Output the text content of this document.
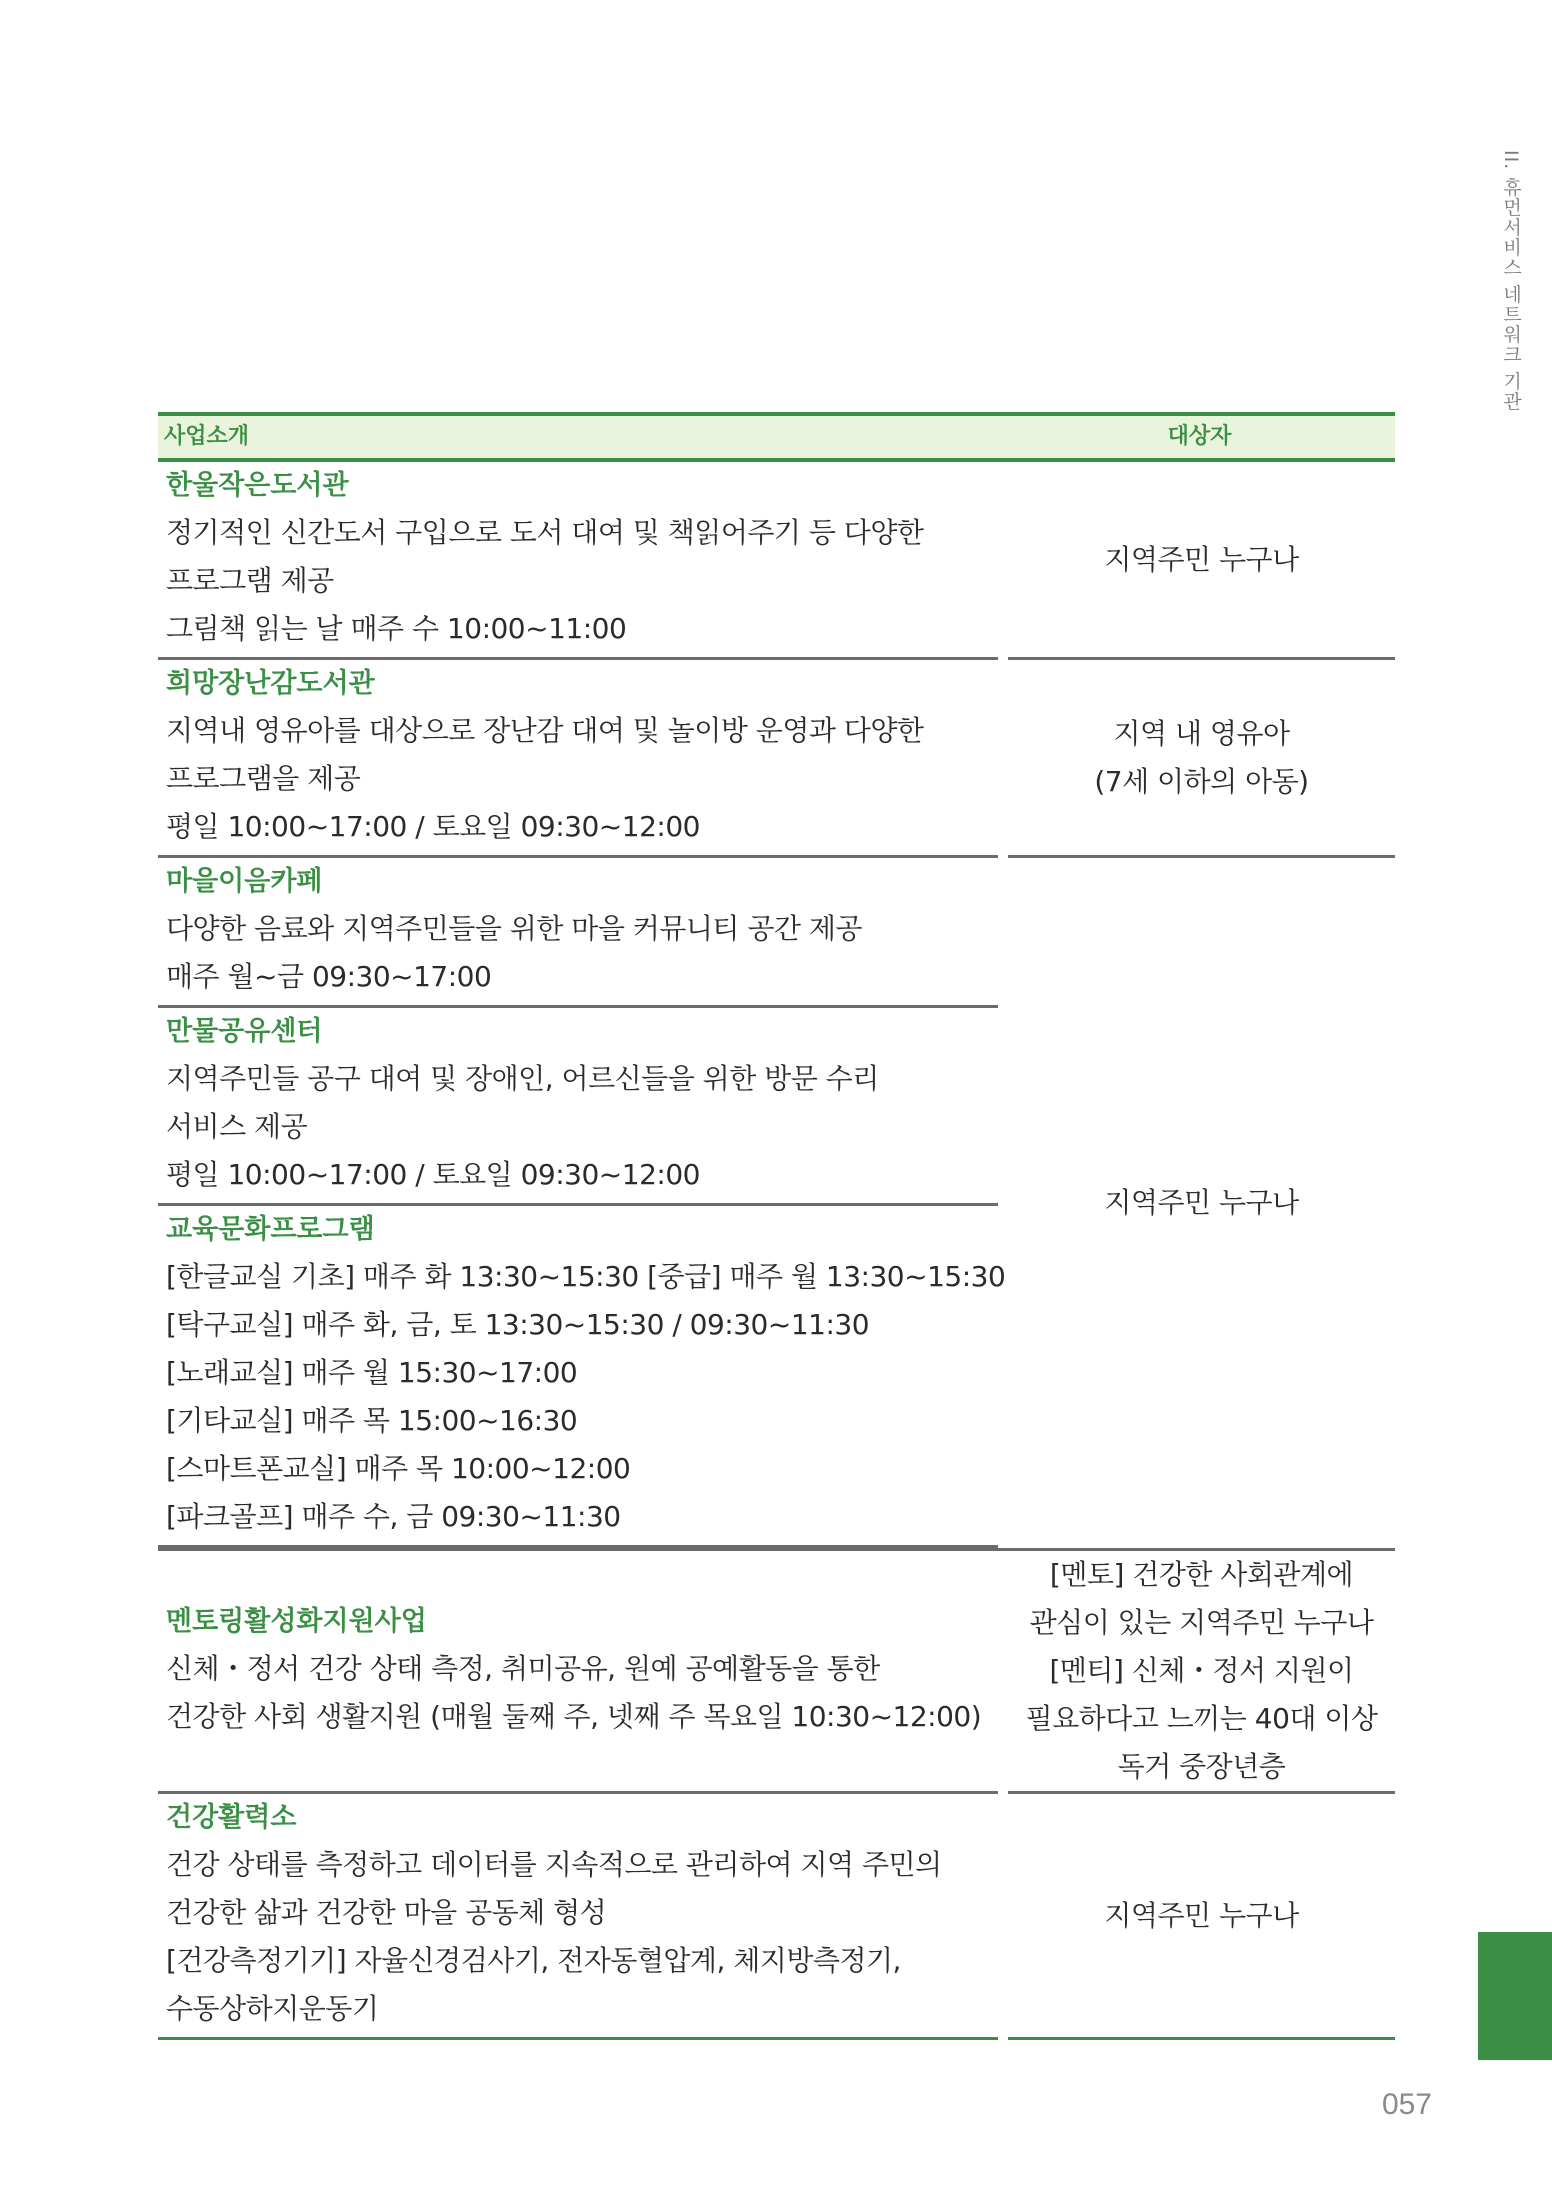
II. 휴먼서비스 네트워크 기관
사업소개	대상자
한울작은도서관
정기적인 신간도서 구입으로 도서 대여 및 책읽어주기 등 다양한
프로그램 제공
그림책 읽는 날 매주 수 10:00~11:00
지역주민 누구나
희망장난감도서관
지역내 영유아를 대상으로 장난감 대여 및 놀이방 운영과 다양한
프로그램을 제공
평일 10:00~17:00 / 토요일 09:30~12:00
지역 내 영유아
(7세 이하의 아동)
마을이음카페
다양한 음료와 지역주민들을 위한 마을 커뮤니티 공간 제공
매주 월~금 09:30~17:00
만물공유센터
지역주민들 공구 대여 및 장애인, 어르신들을 위한 방문 수리
서비스 제공
평일 10:00~17:00 / 토요일 09:30~12:00
교육문화프로그램
[한글교실 기초] 매주 화 13:30~15:30 [중급] 매주 월 13:30~15:30
[탁구교실] 매주 화, 금, 토 13:30~15:30 / 09:30~11:30
[노래교실] 매주 월 15:30~17:00
[기타교실] 매주 목 15:00~16:30
[스마트폰교실] 매주 목 10:00~12:00
[파크골프] 매주 수, 금 09:30~11:30
지역주민 누구나
멘토링활성화지원사업
신체・정서 건강 상태 측정, 취미공유, 원예 공예활동을 통한
건강한 사회 생활지원 (매월 둘째 주, 넷째 주 목요일 10:30~12:00)
[멘토] 건강한 사회관계에
관심이 있는 지역주민 누구나
[멘티] 신체・정서 지원이
필요하다고 느끼는 40대 이상
독거 중장년층
건강활력소
건강 상태를 측정하고 데이터를 지속적으로 관리하여 지역 주민의
건강한 삶과 건강한 마을 공동체 형성
[건강측정기기] 자율신경검사기, 전자동혈압계, 체지방측정기,
수동상하지운동기
지역주민 누구나
057
